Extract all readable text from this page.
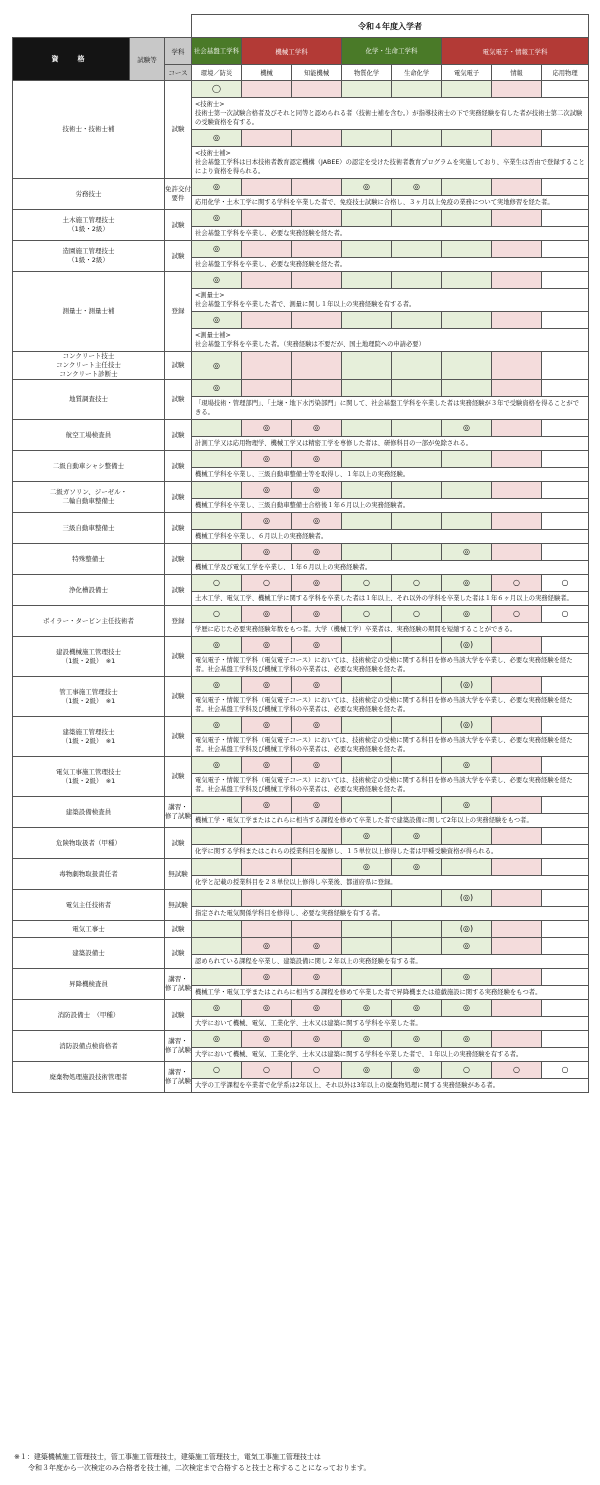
			令和４年度入学者							
資　格	試験等	学科	社会基盤工学科	機械工学科		化学・生命工学科		電気電子・情報工学科		
		コース	環境／防災	機械	知能機械	物質化学	生命化学	電気電子	情報	応用物理
技術士・技術士補		試験	◯							
			<技術士>
技術士第一次試験合格者及びそれと同等と認められる者（技術士補を含む。）が指導技術士の下で実務経験を有した者が技術士第二次試験の受験資格を有する。							
			◎							
			<技術士補>
社会基盤工学科は日本技術者教育認定機構（JABEE）の認定を受けた技術者教育プログラムを実施しており、卒業生は否由で登録することにより資格を得られる。							
労務技士		免許交付要件	◎			◎	◎			
			応用化学・土木工学に関する学科を卒業した者で、免疫技士試験に合格し、３ヶ月以上免疫の業務について実地修習を経た者。							
土木施工管理技士
（1級・2級）		試験	◎							
			社会基盤工学科を卒業し、必要な実務経験を経た者。							
造園施工管理技士
（1級・2級）		試験	◎							
			社会基盤工学科を卒業し、必要な実務経験を経た者。							
測量士・測量士補		登録	◎							
			<測量士>
社会基盤工学科を卒業した者で、測量に関し１年以上の実務経験を有する者。							
			◎							
			<測量士補>
社会基盤工学科を卒業した者。（実務経験は不要だが、国土地理院への申請必要）							
コンクリート技士
コンクリート主任技士
コンクリート診断士		試験	◎							
地質調査技士		試験	◎							
			「現場技術・管理部門」、「土壌・地下水汚染部門」に関して、社会基盤工学科を卒業した者は実務経験が３年で受験資格を得ることができる。							
航空工場検査員		試験		◎	◎			◎		
			計測工学又は応用物理学、機械工学又は精密工学を専修した者は、研修科目の一部が免除される。							
二級自動車シャシ整備士		試験		◎	◎					
			機械工学科を卒業し、三級自動車整備士等を取得し、１年以上の実務経験。							
二級ガソリン、ジーゼル・
二輪自動車整備士		試験		◎	◎					
			機械工学科を卒業し、三級自動車整備士合格後１年６月以上の実務経験者。							
三級自動車整備士		試験		◎	◎					
			機械工学科を卒業し、６月以上の実務経験者。							
特殊整備士		試験		◎	◎			◎		
			機械工学及び電気工学を卒業し、１年６月以上の実務経験者。							
浄化槽設備士		試験	○	○	◎	○	○	◎	○	○
			土木工学、電気工学、機械工学に関する学科を卒業した者は１年以上、それ以外の学科を卒業した者は１年６ヶ月以上の実務経験者。							
ボイラー・タービン主任技術者		登録	○	◎	◎	○	○	◎	○	○
			学歴に応じた必要実務経験年数をもつ者。大学（機械工学）卒業者は、実務経験の期間を短縮することができる。							
建設機械施工管理技士
（1級・2級）　※1		試験	◎	◎	◎			(◎)		
			電気電子・情報工学科（電気電子コース）においては、技術検定の受検に関する科目を修め当該大学を卒業し、必要な実務経験を経た者。社会基盤工学科及び機械工学科の卒業者は、必要な実務経験を経た者。							
管工事施工管理技士
（1級・2級）　※1		試験	◎	◎	◎			(◎)		
			電気電子・情報工学科（電気電子コース）においては、技術検定の受検に関する科目を修め当該大学を卒業し、必要な実務経験を経た者。社会基盤工学科及び機械工学科の卒業者は、必要な実務経験を経た者。							
建築施工管理技士
（1級・2級）　※1		試験	◎	◎	◎			(◎)		
			電気電子・情報工学科（電気電子コース）においては、技術検定の受検に関する科目を修め当該大学を卒業し、必要な実務経験を経た者。社会基盤工学科及び機械工学科の卒業者は、必要な実務経験を経た者。							
電気工事施工管理技士
（1級・2級）　※1		試験	◎	◎	◎			◎		
			電気電子・情報工学科（電気電子コース）においては、技術検定の受検に関する科目を修め当該大学を卒業し、必要な実務経験を経た者。社会基盤工学科及び機械工学科の卒業者は、必要な実務経験を経た者。							
建築設備検査員		講習・
修了試験		◎	◎			◎		
			機械工学・電気工学またはこれらに相当する課程を修めて卒業した者で建築設備に関して2年以上の実務経験をもつ者。							
危険物取扱者（甲種）		試験				◎	◎			
			化学に関する学科またはこれらの授業科目を履修し、１５単位以上修得した者は甲種受験資格が得られる。							
毒物劇物取扱責任者		無試験				◎	◎			
			化学と記載の授業科目を２８単位以上修得し卒業後、都道府県に登録。							
電気主任技術者		無試験						(◎)		
			指定された電気関係学科目を修得し、必要な実務経験を有する者。							
電気工事士		試験						(◎)		
建築設備士		試験		◎	◎			◎		
			認められている課程を卒業し、建築設備に関し２年以上の実務経験を有する者。							
昇降機検査員		講習・
修了試験		◎	◎			◎		
			機械工学・電気工学またはこれらに相当する課程を修めて卒業した者で昇降機または遊戯施設に関する実務経験をもつ者。							
消防設備士　（甲種）		試験	◎	◎	◎	◎	◎	◎		
			大学において機械、電気、工業化学、土木又は建築に関する学科を卒業した者。							
消防設備点検資格者		講習・
修了試験	◎	◎	◎	◎	◎	◎		
			大学において機械、電気、工業化学、土木又は建築に関する学科を卒業した者で、１年以上の実務経験を有する者。							
廃棄物処理施設技術管理者		講習・
修了試験	○	○	○	◎	◎	○	○	○
			大学の工学課程を卒業者で化学系は2年以上、それ以外は3年以上の廃棄物処理に関する実務経験がある者。							
※１：建築機械施工管理技士，管工事施工管理技士，建築施工管理技士，電気工事施工管理技士は
　　令和３年度から一次検定のみ合格者を技士補，二次検定まで合格すると技士と称することになっております。
